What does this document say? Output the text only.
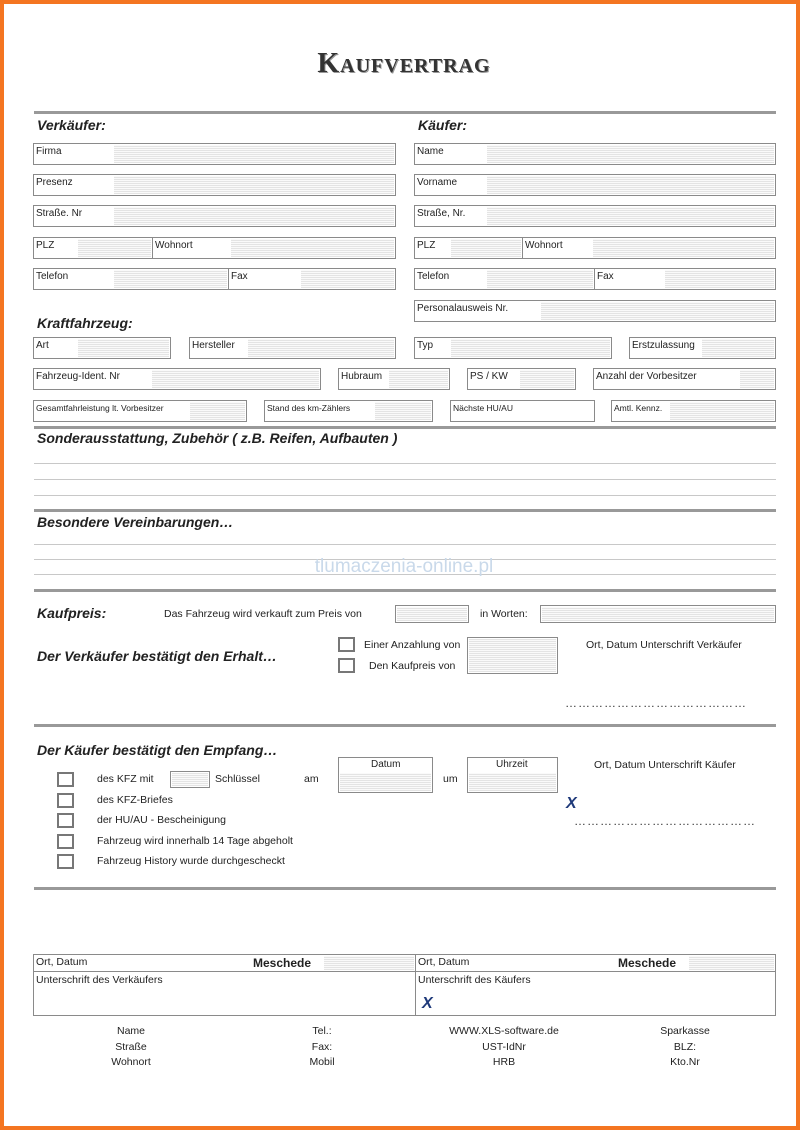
Kaufvertrag
Verkäufer:
Firma
Presenz
Straße. Nr
PLZ	Wohnort
Telefon	Fax
Käufer:
Name
Vorname
Straße, Nr.
PLZ	Wohnort
Telefon	Fax
Personalausweis Nr.
Kraftfahrzeug:
Art	Hersteller	Typ	Erstzulassung
Fahrzeug-Ident. Nr	Hubraum	PS / KW	Anzahl der Vorbesitzer
Gesamtfahrleistung lt. Vorbesitzer	Stand des km-Zählers	Nächste HU/AU	Amtl. Kennz.
Sonderausstattung, Zubehör ( z.B. Reifen, Aufbauten )
Besondere Vereinbarungen…
tlumaczenia-online.pl
Kaufpreis:	Das Fahrzeug wird verkauft zum Preis von	in Worten:
Der Verkäufer bestätigt den Erhalt…
Einer Anzahlung von
Den Kaufpreis von
Ort, Datum Unterschrift Verkäufer
……………………………………
Der Käufer bestätigt den Empfang…
des KFZ mit	Schlüssel	am
Datum
um
Uhrzeit	Ort, Datum Unterschrift Käufer
X
……………………………………
des KFZ-Briefes
der HU/AU - Bescheinigung
Fahrzeug wird innerhalb 14 Tage abgeholt
Fahrzeug History wurde durchgescheckt
Ort, Datum	Meschede	Ort, Datum	Meschede
Unterschrift des Verkäufers	Unterschrift des Käufers
X
Name
Straße
Wohnort
Tel.:
Fax:
Mobil
WWW.XLS-software.de
UST-IdNr
HRB
Sparkasse
BLZ:
Kto.Nr
